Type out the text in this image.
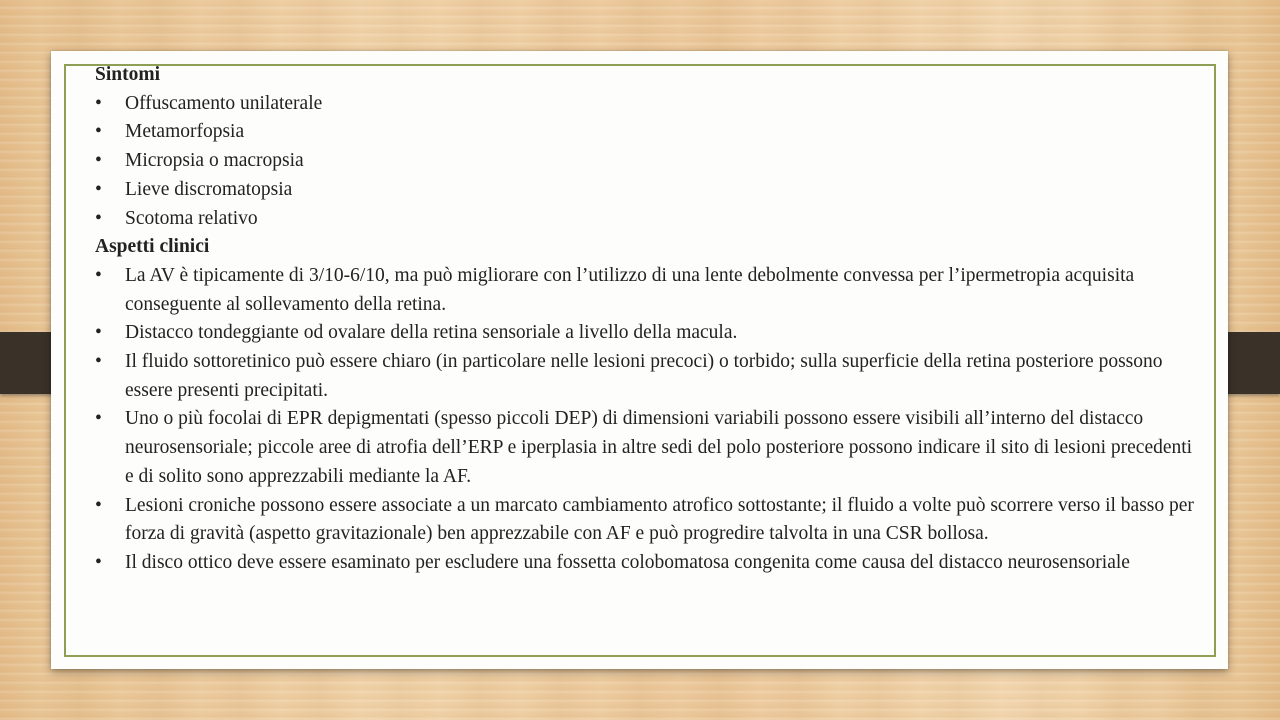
Sintomi

• Offuscamento unilaterale
• Metamorfopsia
• Micropsia o macropsia
• Lieve discromatopsia
• Scotoma relativo

Aspetti clinici

• La AV è tipicamente di 3/10-6/10, ma può migliorare con l’utilizzo di una lente debolmente convessa per l’ipermetropia acquisita conseguente al sollevamento della retina.
• Distacco tondeggiante od ovalare della retina sensoriale a livello della macula.
• Il fluido sottoretinico può essere chiaro (in particolare nelle lesioni precoci) o torbido; sulla superficie della retina posteriore possono essere presenti precipitati.
• Uno o più focolai di EPR depigmentati (spesso piccoli DEP) di dimensioni variabili possono essere visibili all’interno del distacco neurosensoriale; piccole aree di atrofia dell’ERP e iperplasia in altre sedi del polo posteriore possono indicare il sito di lesioni precedenti e di solito sono apprezzabili mediante la AF.
• Lesioni croniche possono essere associate a un marcato cambiamento atrofico sottostante; il fluido a volte può scorrere verso il basso per forza di gravità (aspetto gravitazionale) ben apprezzabile con AF e può progredire talvolta in una CSR bollosa.
• Il disco ottico deve essere esaminato per escludere una fossetta colobomatosa congenita come causa del distacco neurosensoriale
